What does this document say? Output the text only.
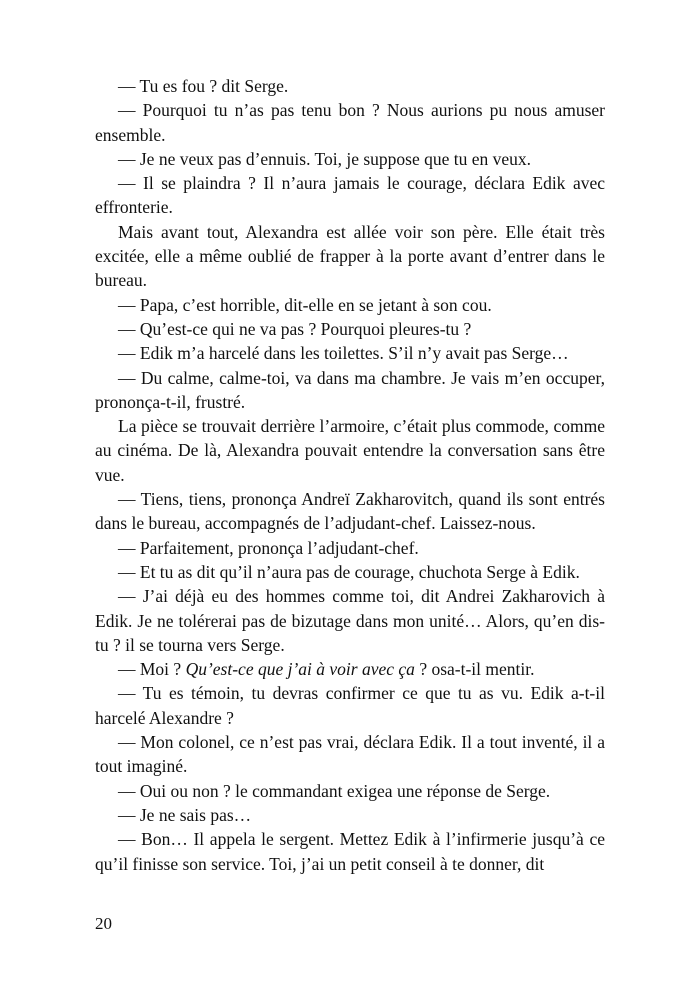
— Tu es fou ? dit Serge.

— Pourquoi tu n’as pas tenu bon ? Nous aurions pu nous amuser ensemble.

— Je ne veux pas d’ennuis. Toi, je suppose que tu en veux.

— Il se plaindra ? Il n’aura jamais le courage, déclara Edik avec effronterie.

Mais avant tout, Alexandra est allée voir son père. Elle était très excitée, elle a même oublié de frapper à la porte avant d’entrer dans le bureau.

— Papa, c’est horrible, dit-elle en se jetant à son cou.

— Qu’est-ce qui ne va pas ? Pourquoi pleures-tu ?

— Edik m’a harcelé dans les toilettes. S’il n’y avait pas Serge…

— Du calme, calme-toi, va dans ma chambre. Je vais m’en occuper, prononça-t-il, frustré.

La pièce se trouvait derrière l’armoire, c’était plus commode, comme au cinéma. De là, Alexandra pouvait entendre la conversation sans être vue.

— Tiens, tiens, prononça Andreï Zakharovitch, quand ils sont entrés dans le bureau, accompagnés de l’adjudant-chef. Laissez-nous.

— Parfaitement, prononça l’adjudant-chef.

— Et tu as dit qu’il n’aura pas de courage, chuchota Serge à Edik.

— J’ai déjà eu des hommes comme toi, dit Andrei Zakharovich à Edik. Je ne tolérerai pas de bizutage dans mon unité… Alors, qu’en dis-tu ? il se tourna vers Serge.

— Moi ? Qu’est-ce que j’ai à voir avec ça ? osa-t-il mentir.

— Tu es témoin, tu devras confirmer ce que tu as vu. Edik a-t-il harcelé Alexandre ?

— Mon colonel, ce n’est pas vrai, déclara Edik. Il a tout inventé, il a tout imaginé.

— Oui ou non ? le commandant exigea une réponse de Serge.

— Je ne sais pas…

— Bon… Il appela le sergent. Mettez Edik à l’infirmerie jusqu’à ce qu’il finisse son service. Toi, j’ai un petit conseil à te donner, dit

20
